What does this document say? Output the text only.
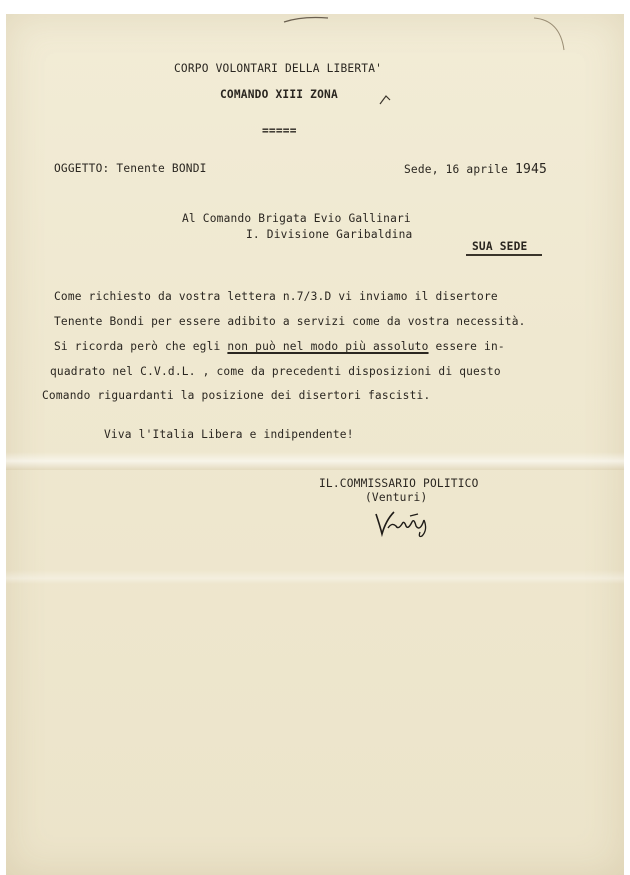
CORPO VOLONTARI DELLA LIBERTA'
COMANDO XIII ZONA
=====
OGGETTO: Tenente BONDI	Sede, 16 aprile 1945
Al Comando Brigata Evio Gallinari
I. Divisione Garibaldina
SUA SEDE
Come richiesto da vostra lettera n.7/3.D vi inviamo il disertore
Tenente Bondi per essere adibito a servizi come da vostra necessità.
Si ricorda però che egli non può nel modo più assoluto essere in-
quadrato nel C.V.d.L. , come da precedenti disposizioni di questo
Comando riguardanti la posizione dei disertori fascisti.
Viva l'Italia Libera e indipendente!
IL.COMMISSARIO POLITICO
(Venturi)
